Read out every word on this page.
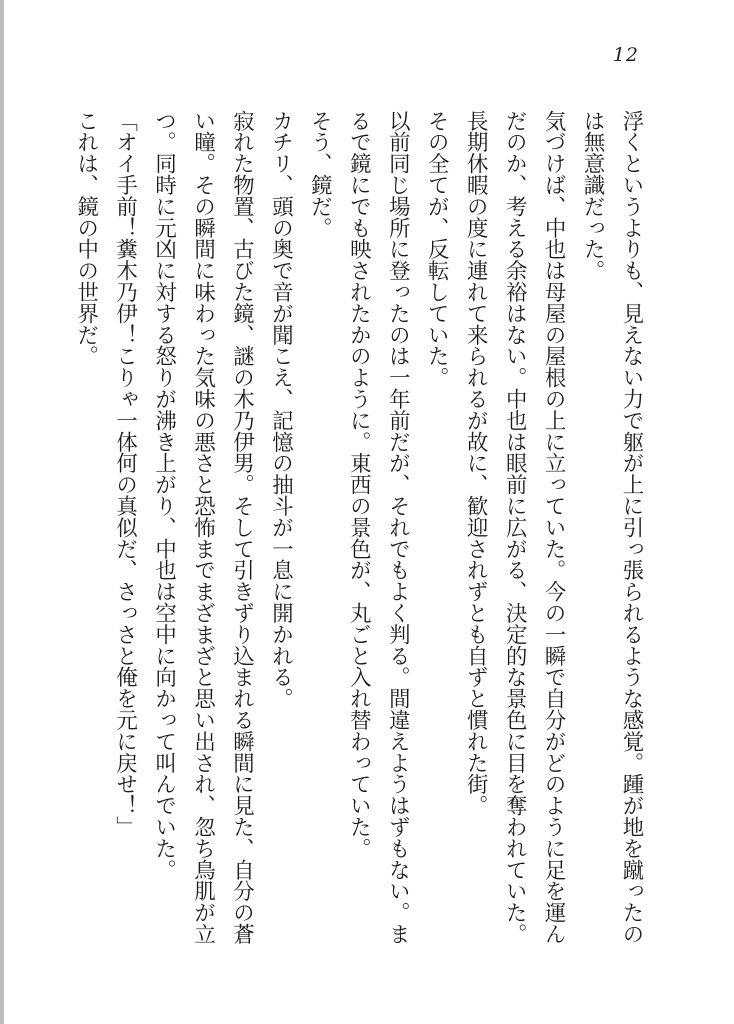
12
浮くというよりも、見えない力で躯が上に引っ張られるような感覚。踵が地を蹴ったのは無意識だった。
気づけば、中也は母屋の屋根の上に立っていた。今の一瞬で自分がどのように足を運んだのか、考える余裕はない。中也は眼前に広がる、決定的な景色に目を奪われていた。
長期休暇の度に連れて来られるが故に、歓迎されずとも自ずと慣れた街。
その全てが、反転していた。
以前同じ場所に登ったのは一年前だが、それでもよく判る。間違えようはずもない。まるで鏡にでも映されたかのように。東西の景色が、丸ごと入れ替わっていた。
そう、鏡だ。
カチリ、頭の奥で音が聞こえ、記憶の抽斗が一息に開かれる。
寂れた物置、古びた鏡、謎の木乃伊男。そして引きずり込まれる瞬間に見た、自分の蒼い瞳。その瞬間に味わった気味の悪さと恐怖までまざまざと思い出され、忽ち鳥肌が立つ。同時に元凶に対する怒りが沸き上がり、中也は空中に向かって叫んでいた。
「オイ手前！糞木乃伊！こりゃ一体何の真似だ、さっさと俺を元に戻せ！」
これは、鏡の中の世界だ。
